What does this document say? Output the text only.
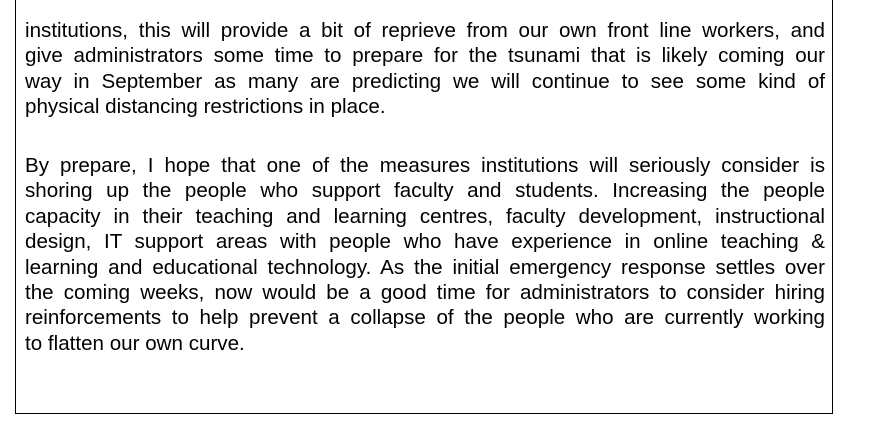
institutions, this will provide a bit of reprieve from our own front line workers, and
give administrators some time to prepare for the tsunami that is likely coming our
way in September as many are predicting we will continue to see some kind of
physical distancing restrictions in place.
By prepare, I hope that one of the measures institutions will seriously consider is
shoring up the people who support faculty and students. Increasing the people
capacity in their teaching and learning centres, faculty development, instructional
design, IT support areas with people who have experience in online teaching &
learning and educational technology. As the initial emergency response settles over
the coming weeks, now would be a good time for administrators to consider hiring
reinforcements to help prevent a collapse of the people who are currently working
to flatten our own curve.
